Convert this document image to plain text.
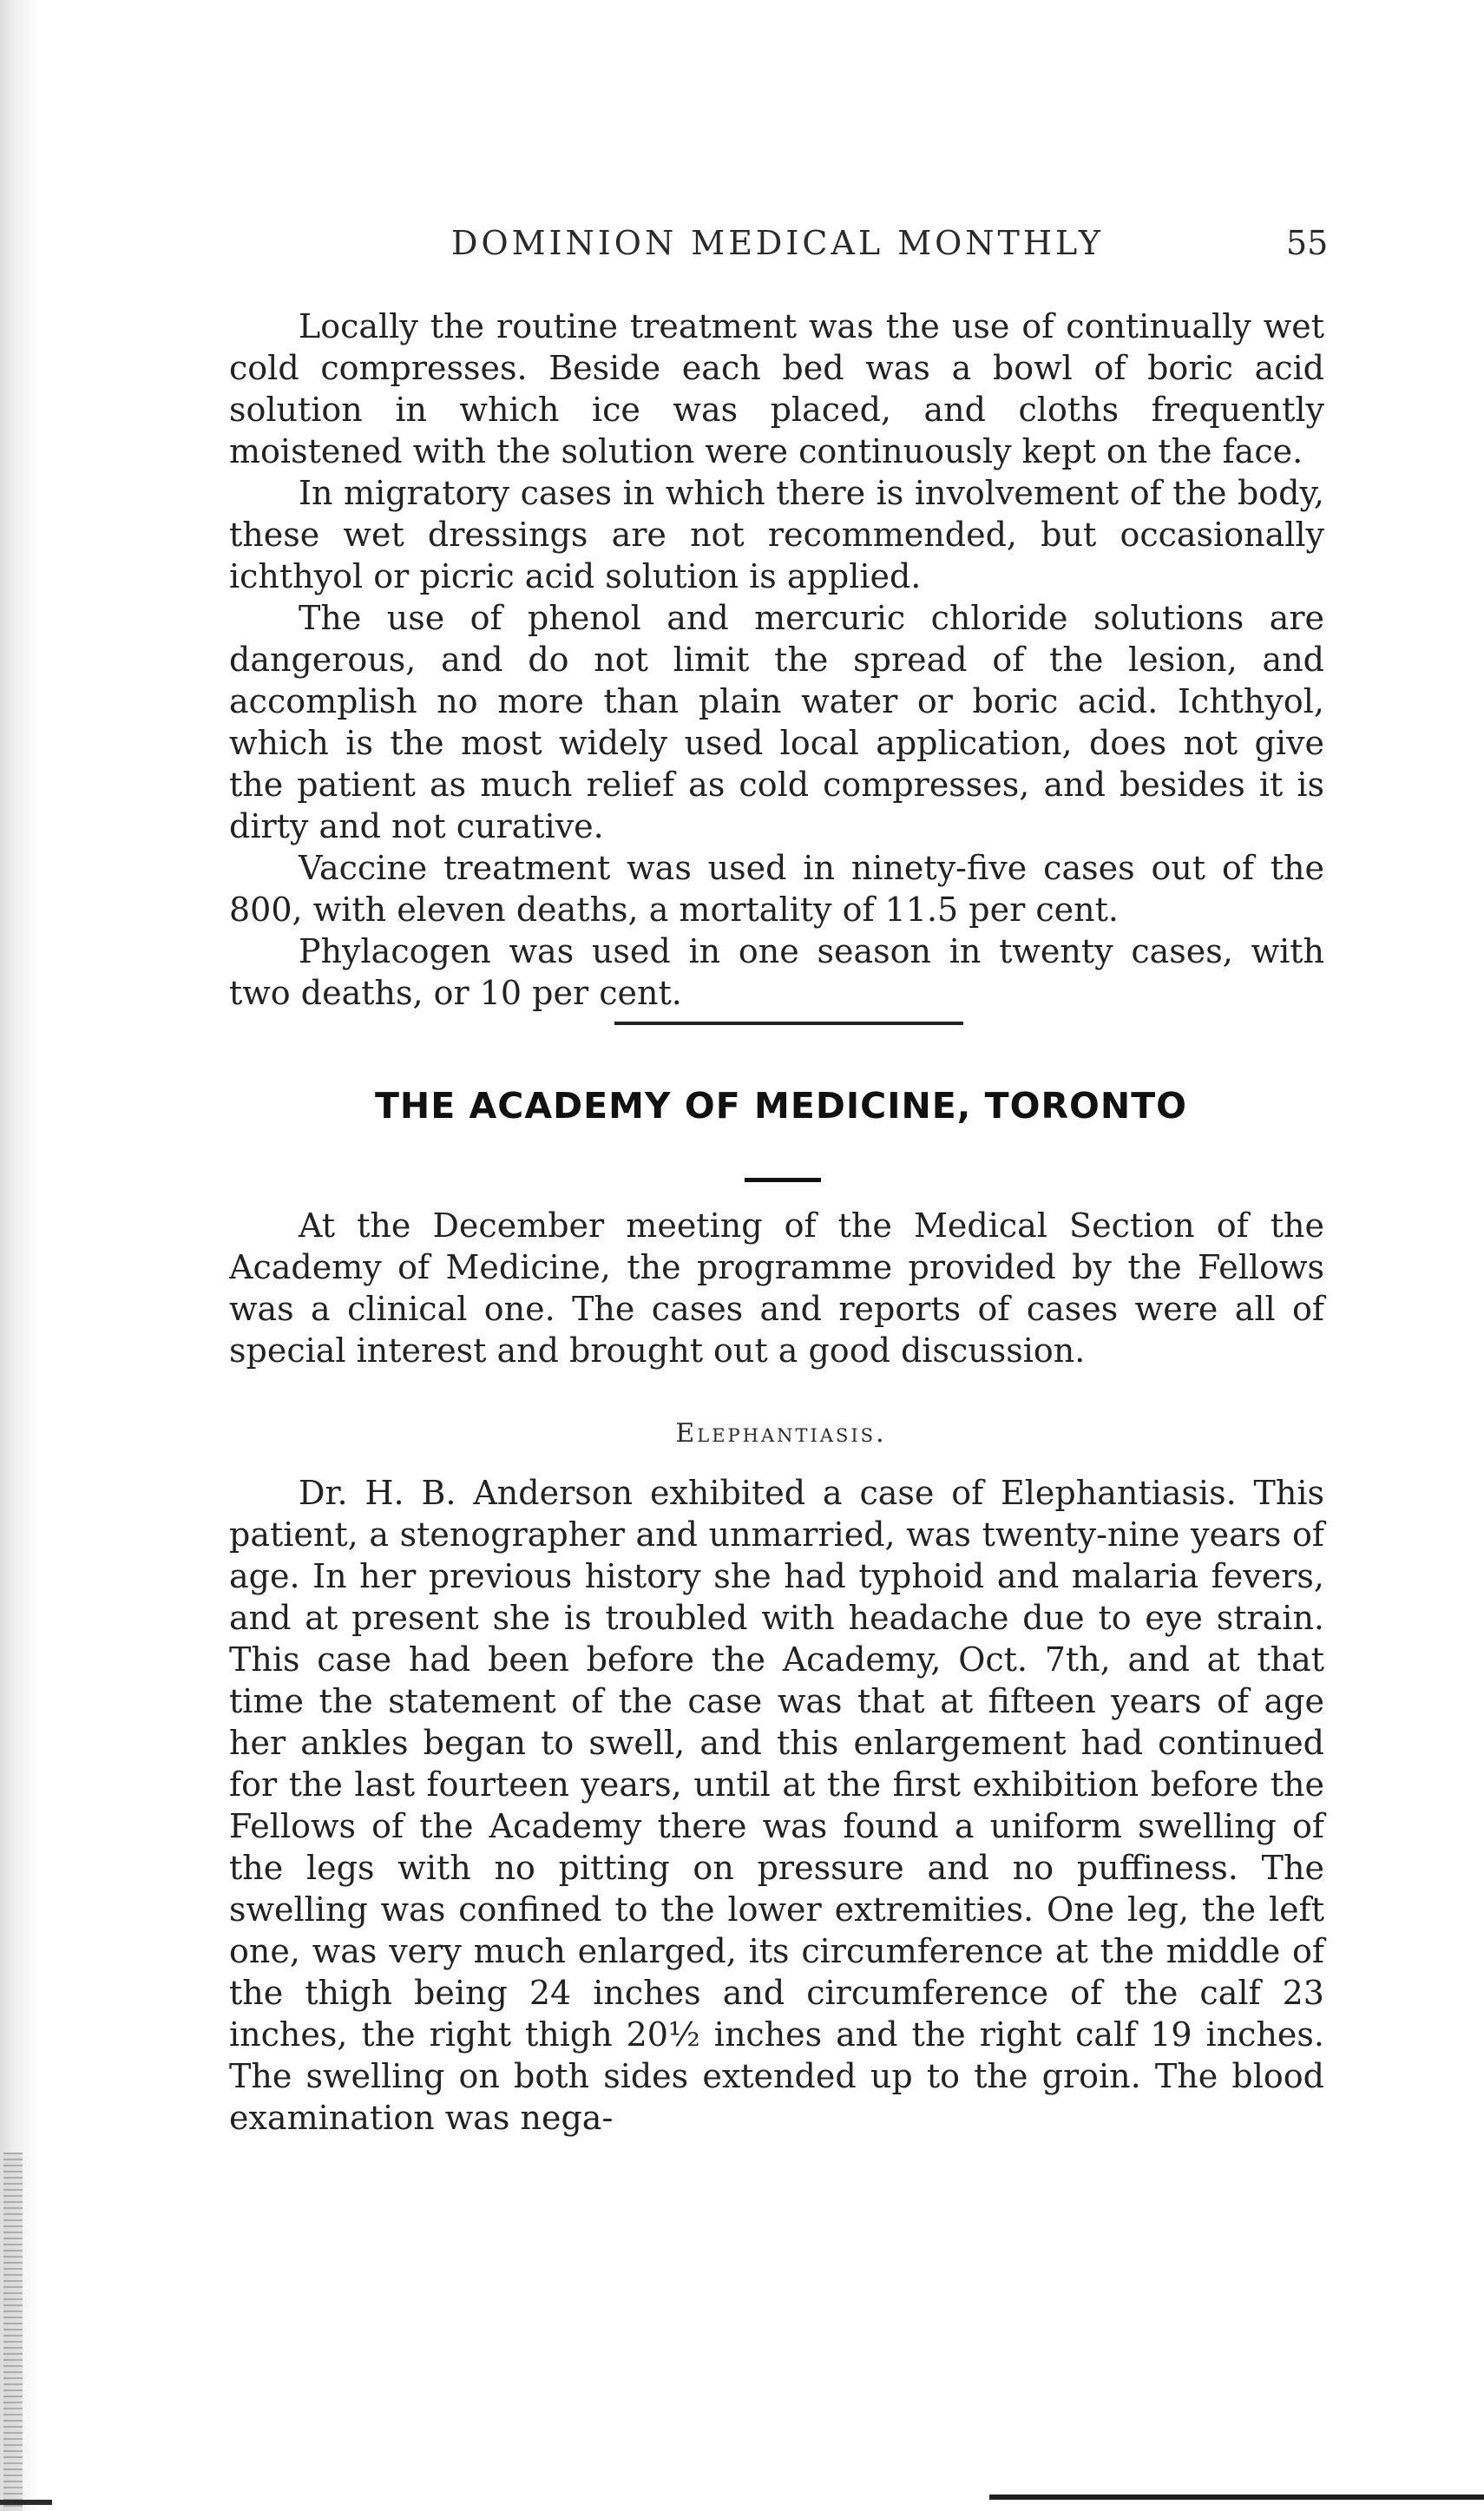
DOMINION MEDICAL MONTHLY	55

Locally the routine treatment was the use of continually wet cold compresses. Beside each bed was a bowl of boric acid solution in which ice was placed, and cloths frequently moistened with the solution were continuously kept on the face.

In migratory cases in which there is involvement of the body, these wet dressings are not recommended, but occasionally ichthyol or picric acid solution is applied.

The use of phenol and mercuric chloride solutions are dangerous, and do not limit the spread of the lesion, and accomplish no more than plain water or boric acid. Ichthyol, which is the most widely used local application, does not give the patient as much relief as cold compresses, and besides it is dirty and not curative.

Vaccine treatment was used in ninety-five cases out of the 800, with eleven deaths, a mortality of 11.5 per cent.

Phylacogen was used in one season in twenty cases, with two deaths, or 10 per cent.

THE ACADEMY OF MEDICINE, TORONTO

At the December meeting of the Medical Section of the Academy of Medicine, the programme provided by the Fellows was a clinical one. The cases and reports of cases were all of special interest and brought out a good discussion.

Elephantiasis.

Dr. H. B. Anderson exhibited a case of Elephantiasis. This patient, a stenographer and unmarried, was twenty-nine years of age. In her previous history she had typhoid and malaria fevers, and at present she is troubled with headache due to eye strain. This case had been before the Academy, Oct. 7th, and at that time the statement of the case was that at fifteen years of age her ankles began to swell, and this enlargement had continued for the last fourteen years, until at the first exhibition before the Fellows of the Academy there was found a uniform swelling of the legs with no pitting on pressure and no puffiness. The swelling was confined to the lower extremities. One leg, the left one, was very much enlarged, its circumference at the middle of the thigh being 24 inches and circumference of the calf 23 inches, the right thigh 20½ inches and the right calf 19 inches. The swelling on both sides extended up to the groin. The blood examination was nega-
